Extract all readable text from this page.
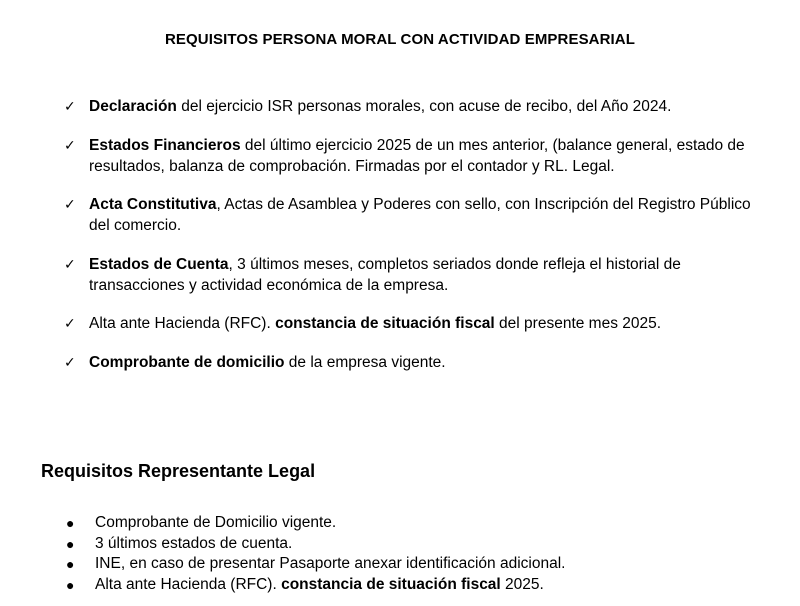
REQUISITOS PERSONA MORAL CON ACTIVIDAD EMPRESARIAL
✓ Declaración del ejercicio ISR personas morales, con acuse de recibo, del Año 2024.
✓ Estados Financieros del último ejercicio 2025 de un mes anterior, (balance general, estado de resultados, balanza de comprobación. Firmadas por el contador y RL. Legal.
✓ Acta Constitutiva, Actas de Asamblea y Poderes con sello, con Inscripción del Registro Público del comercio.
✓ Estados de Cuenta, 3 últimos meses, completos seriados donde refleja el historial de transacciones y actividad económica de la empresa.
✓ Alta ante Hacienda (RFC). constancia de situación fiscal del presente mes 2025.
✓ Comprobante de domicilio de la empresa vigente.
Requisitos Representante Legal
● Comprobante de Domicilio vigente.
● 3 últimos estados de cuenta.
● INE, en caso de presentar Pasaporte anexar identificación adicional.
● Alta ante Hacienda (RFC). constancia de situación fiscal 2025.
